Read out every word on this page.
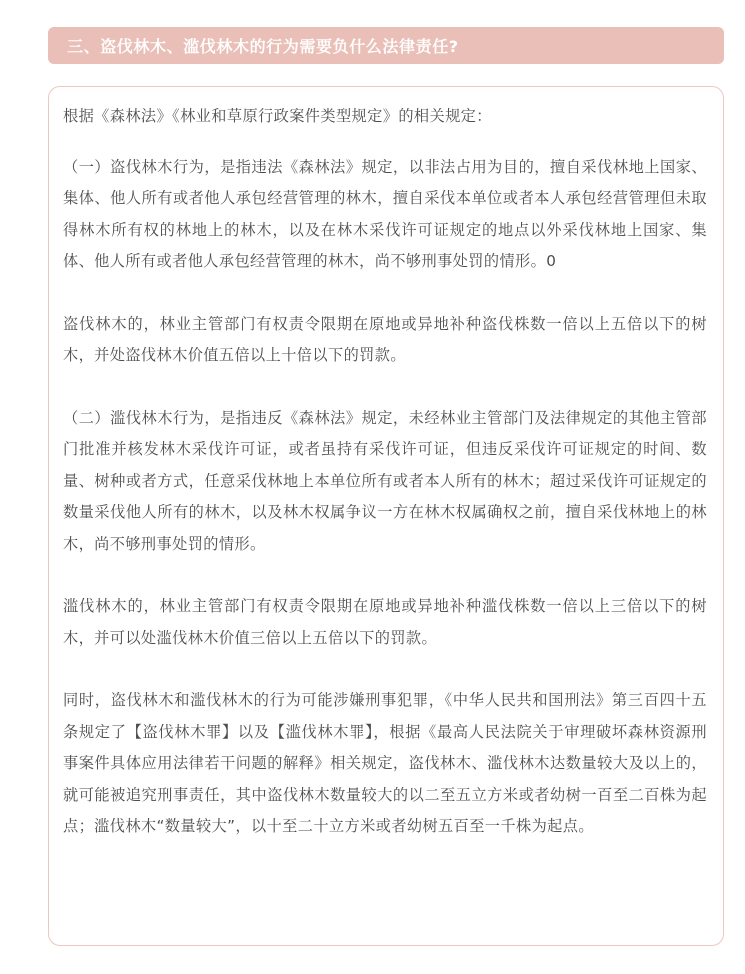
三、盗伐林木、滥伐林木的行为需要负什么法律责任?

根据《森林法》《林业和草原行政案件类型规定》的相关规定：

（一）盗伐林木行为，是指违法《森林法》规定，以非法占用为目的，擅自采伐林地上国家、集体、他人所有或者他人承包经营管理的林木，擅自采伐本单位或者本人承包经营管理但未取得林木所有权的林地上的林木，以及在林木采伐许可证规定的地点以外采伐林地上国家、集体、他人所有或者他人承包经营管理的林木，尚不够刑事处罚的情形。0

盗伐林木的，林业主管部门有权责令限期在原地或异地补种盗伐株数一倍以上五倍以下的树木，并处盗伐林木价值五倍以上十倍以下的罚款。

（二）滥伐林木行为，是指违反《森林法》规定，未经林业主管部门及法律规定的其他主管部门批准并核发林木采伐许可证，或者虽持有采伐许可证，但违反采伐许可证规定的时间、数量、树种或者方式，任意采伐林地上本单位所有或者本人所有的林木；超过采伐许可证规定的数量采伐他人所有的林木，以及林木权属争议一方在林木权属确权之前，擅自采伐林地上的林木，尚不够刑事处罚的情形。

滥伐林木的，林业主管部门有权责令限期在原地或异地补种滥伐株数一倍以上三倍以下的树木，并可以处滥伐林木价值三倍以上五倍以下的罚款。

同时，盗伐林木和滥伐林木的行为可能涉嫌刑事犯罪，《中华人民共和国刑法》第三百四十五条规定了【盗伐林木罪】以及【滥伐林木罪】，根据《最高人民法院关于审理破坏森林资源刑事案件具体应用法律若干问题的解释》相关规定，盗伐林木、滥伐林木达数量较大及以上的，就可能被追究刑事责任，其中盗伐林木数量较大的以二至五立方米或者幼树一百至二百株为起点；滥伐林木“数量较大”，以十至二十立方米或者幼树五百至一千株为起点。
